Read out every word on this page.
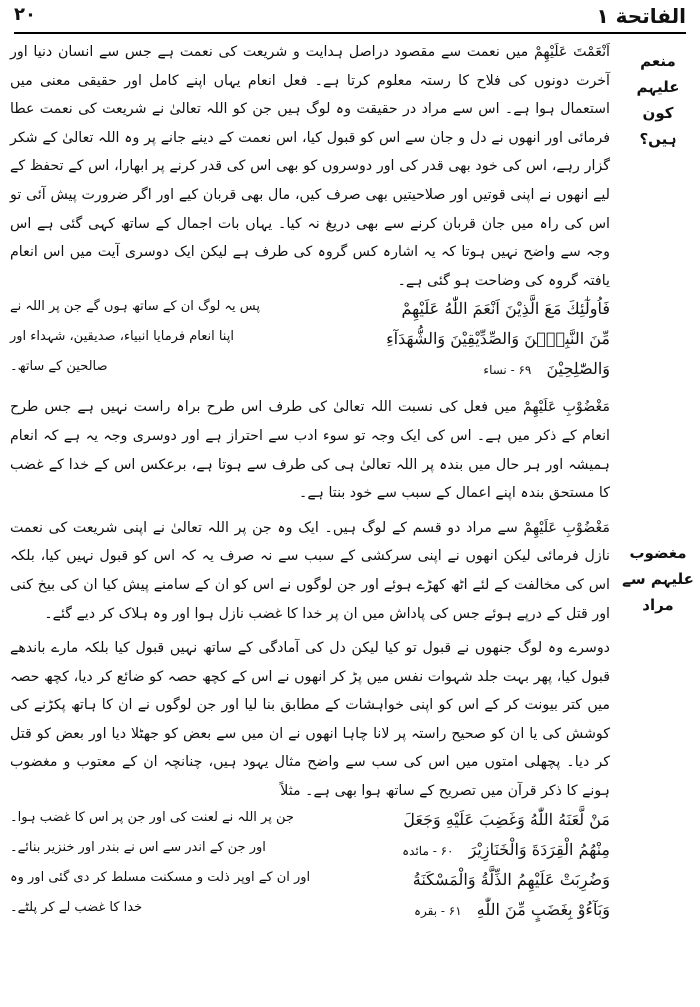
۲۰	الفاتحة ۱
منعم علیہم کون ہیں؟
مغضوب علیہم سے مراد

اَنْعَمْتَ عَلَيْهِمْ میں نعمت سے مقصود دراصل ہدایت و شریعت کی نعمت ہے جس سے انسان دنیا اور آخرت دونوں کی فلاح کا رستہ معلوم کرتا ہے۔ فعل انعام یہاں اپنے کامل اور حقیقی معنی میں استعمال ہوا ہے۔ اس سے مراد در حقیقت وہ لوگ ہیں جن کو اللہ تعالیٰ نے شریعت کی نعمت عطا فرمائی اور انھوں نے دل و جان سے اس کو قبول کیا، اس نعمت کے دینے جانے پر وہ اللہ تعالیٰ کے شکر گزار رہے، اس کی خود بھی قدر کی اور دوسروں کو بھی اس کی قدر کرنے پر ابھارا، اس کے تحفظ کے لیے انھوں نے اپنی قوتیں اور صلاحیتیں بھی صرف کیں، مال بھی قربان کیے اور اگر ضرورت پیش آئی تو اس کی راہ میں جان قربان کرنے سے بھی دریغ نہ کیا۔ یہاں بات اجمال کے ساتھ کہی گئی ہے اس وجہ سے واضح نہیں ہوتا کہ یہ اشارہ کس گروہ کی طرف ہے لیکن ایک دوسری آیت میں اس انعام یافتہ گروہ کی وضاحت ہو گئی ہے۔

فَاُولٰٓئِكَ مَعَ الَّذِيْنَ اَنْعَمَ اللّٰهُ عَلَيْهِمْ
پس یہ لوگ ان کے ساتھ ہوں گے جن پر اللہ نے
مِّنَ النَّبِيّٖنَ وَالصِّدِّيْقِيْنَ وَالشُّهَدَآءِ
اپنا انعام فرمایا انبیاء، صدیقین، شہداء اور
وَالصّٰلِحِيْنَ ۶۹ - نساء
صالحین کے ساتھ۔

مَغْضُوْبِ عَلَيْهِمْ میں فعل کی نسبت اللہ تعالیٰ کی طرف اس طرح براہ راست نہیں ہے جس طرح انعام کے ذکر میں ہے۔ اس کی ایک وجہ تو سوء ادب سے احتراز ہے اور دوسری وجہ یہ ہے کہ انعام ہمیشہ اور ہر حال میں بندہ پر اللہ تعالیٰ ہی کی طرف سے ہوتا ہے، برعکس اس کے خدا کے غضب کا مستحق بندہ اپنے اعمال کے سبب سے خود بنتا ہے۔

مَغْضُوْبِ عَلَيْهِمْ سے مراد دو قسم کے لوگ ہیں۔ ایک وہ جن پر اللہ تعالیٰ نے اپنی شریعت کی نعمت نازل فرمائی لیکن انھوں نے اپنی سرکشی کے سبب سے نہ صرف یہ کہ اس کو قبول نہیں کیا، بلکہ اس کی مخالفت کے لئے اٹھ کھڑے ہوئے اور جن لوگوں نے اس کو ان کے سامنے پیش کیا ان کی بیخ کنی اور قتل کے درپے ہوئے جس کی پاداش میں ان پر خدا کا غضب نازل ہوا اور وہ ہلاک کر دیے گئے۔

دوسرے وہ لوگ جنھوں نے قبول تو کیا لیکن دل کی آمادگی کے ساتھ نہیں قبول کیا بلکہ مارے باندھے قبول کیا، پھر بہت جلد شہوات نفس میں پڑ کر انھوں نے اس کے کچھ حصہ کو ضائع کر دیا، کچھ حصہ میں کتر بیونت کر کے اس کو اپنی خواہشات کے مطابق بنا لیا اور جن لوگوں نے ان کا ہاتھ پکڑنے کی کوشش کی یا ان کو صحیح راستہ پر لانا چاہا انھوں نے ان میں سے بعض کو جھٹلا دیا اور بعض کو قتل کر دیا۔ پچھلی امتوں میں اس کی سب سے واضح مثال یہود ہیں، چنانچہ ان کے معتوب و مغضوب ہونے کا ذکر قرآن میں تصریح کے ساتھ ہوا بھی ہے۔ مثلاً

مَنْ لَّعَنَهُ اللّٰهُ وَغَضِبَ عَلَيْهِ وَجَعَلَ
جن پر اللہ نے لعنت کی اور جن پر اس کا غضب ہوا۔
مِنْهُمُ الْقِرَدَةَ وَالْخَنَازِيْرَ ۶۰ - مائدہ
اور جن کے اندر سے اس نے بندر اور خنزیر بنائے۔
وَضُرِبَتْ عَلَيْهِمُ الذِّلَّةُ وَالْمَسْكَنَةُ
اور ان کے اوپر ذلت و مسکنت مسلط کر دی گئی اور وہ
وَبَآءُوْ بِغَضَبٍ مِّنَ اللّٰهِ ۶۱ - بقرہ
خدا کا غضب لے کر پلٹے۔
